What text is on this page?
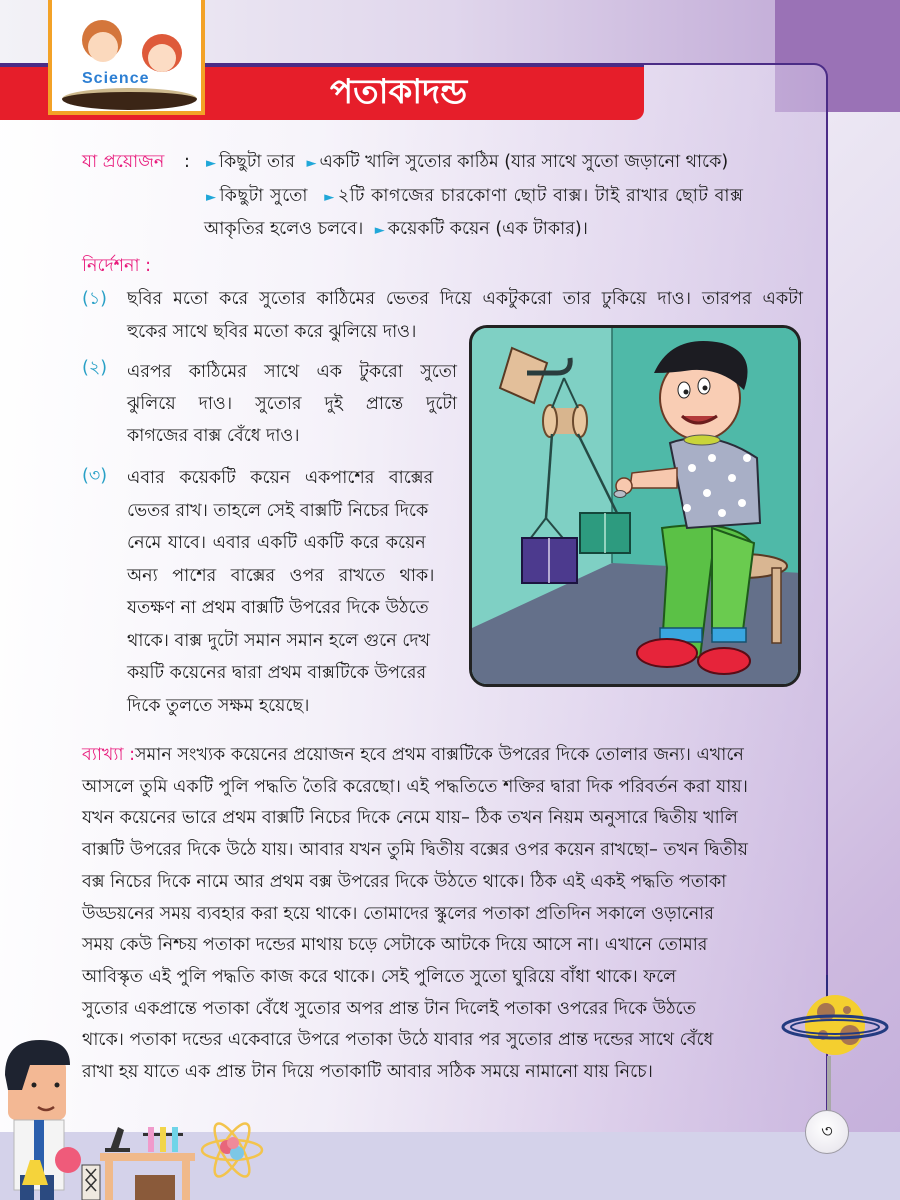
পতাকাদন্ড
Science
যা প্রয়োজন : ► কিছুটা তার ► একটি খালি সুতোর কাঠিম (যার সাথে সুতো জড়ানো থাকে)
► কিছুটা সুতো ► ২টি কাগজের চারকোণা ছোট বাক্স। টাই রাখার ছোট বাক্স
আকৃতির হলেও চলবে। ► কয়েকটি কয়েন (এক টাকার)।
নির্দেশনা :
(১) ছবির মতো করে সুতোর কাঠিমের ভেতর দিয়ে একটুকরো তার ঢুকিয়ে দাও। তারপর একটা
হুকের সাথে ছবির মতো করে ঝুলিয়ে দাও।
(২) এরপর কাঠিমের সাথে এক টুকরো সুতো
ঝুলিয়ে দাও। সুতোর দুই প্রান্তে দুটো
কাগজের বাক্স বেঁধে দাও।
(৩) এবার কয়েকটি কয়েন একপাশের বাক্সের
ভেতর রাখ। তাহলে সেই বাক্সটি নিচের দিকে
নেমে যাবে। এবার একটি একটি করে কয়েন
অন্য পাশের বাক্সের ওপর রাখতে থাক।
যতক্ষণ না প্রথম বাক্সটি উপরের দিকে উঠতে
থাকে। বাক্স দুটো সমান সমান হলে গুনে দেখ
কয়টি কয়েনের দ্বারা প্রথম বাক্সটিকে উপরের
দিকে তুলতে সক্ষম হয়েছে।
ব্যাখ্যা :সমান সংখ্যক কয়েনের প্রয়োজন হবে প্রথম বাক্সটিকে উপরের দিকে তোলার জন্য। এখানে
আসলে তুমি একটি পুলি পদ্ধতি তৈরি করেছো। এই পদ্ধতিতে শক্তির দ্বারা দিক পরিবর্তন করা যায়।
যখন কয়েনের ভারে প্রথম বাক্সটি নিচের দিকে নেমে যায়– ঠিক তখন নিয়ম অনুসারে দ্বিতীয় খালি
বাক্সটি উপরের দিকে উঠে যায়। আবার যখন তুমি দ্বিতীয় বক্সের ওপর কয়েন রাখছো– তখন দ্বিতীয়
বক্স নিচের দিকে নামে আর প্রথম বক্স উপরের দিকে উঠতে থাকে। ঠিক এই একই পদ্ধতি পতাকা
উড্ডয়নের সময় ব্যবহার করা হয়ে থাকে। তোমাদের স্কুলের পতাকা প্রতিদিন সকালে ওড়ানোর
সময় কেউ নিশ্চয় পতাকা দন্ডের মাথায় চড়ে সেটাকে আটকে দিয়ে আসে না। এখানে তোমার
আবিস্কৃত এই পুলি পদ্ধতি কাজ করে থাকে। সেই পুলিতে সুতো ঘুরিয়ে বাঁধা থাকে। ফলে
সুতোর একপ্রান্তে পতাকা বেঁধে সুতোর অপর প্রান্ত টান দিলেই পতাকা ওপরের দিকে উঠতে
থাকে। পতাকা দন্ডের একেবারে উপরে পতাকা উঠে যাবার পর সুতোর প্রান্ত দন্ডের সাথে বেঁধে
রাখা হয় যাতে এক প্রান্ত টান দিয়ে পতাকাটি আবার সঠিক সময়ে নামানো যায় নিচে।
৩
